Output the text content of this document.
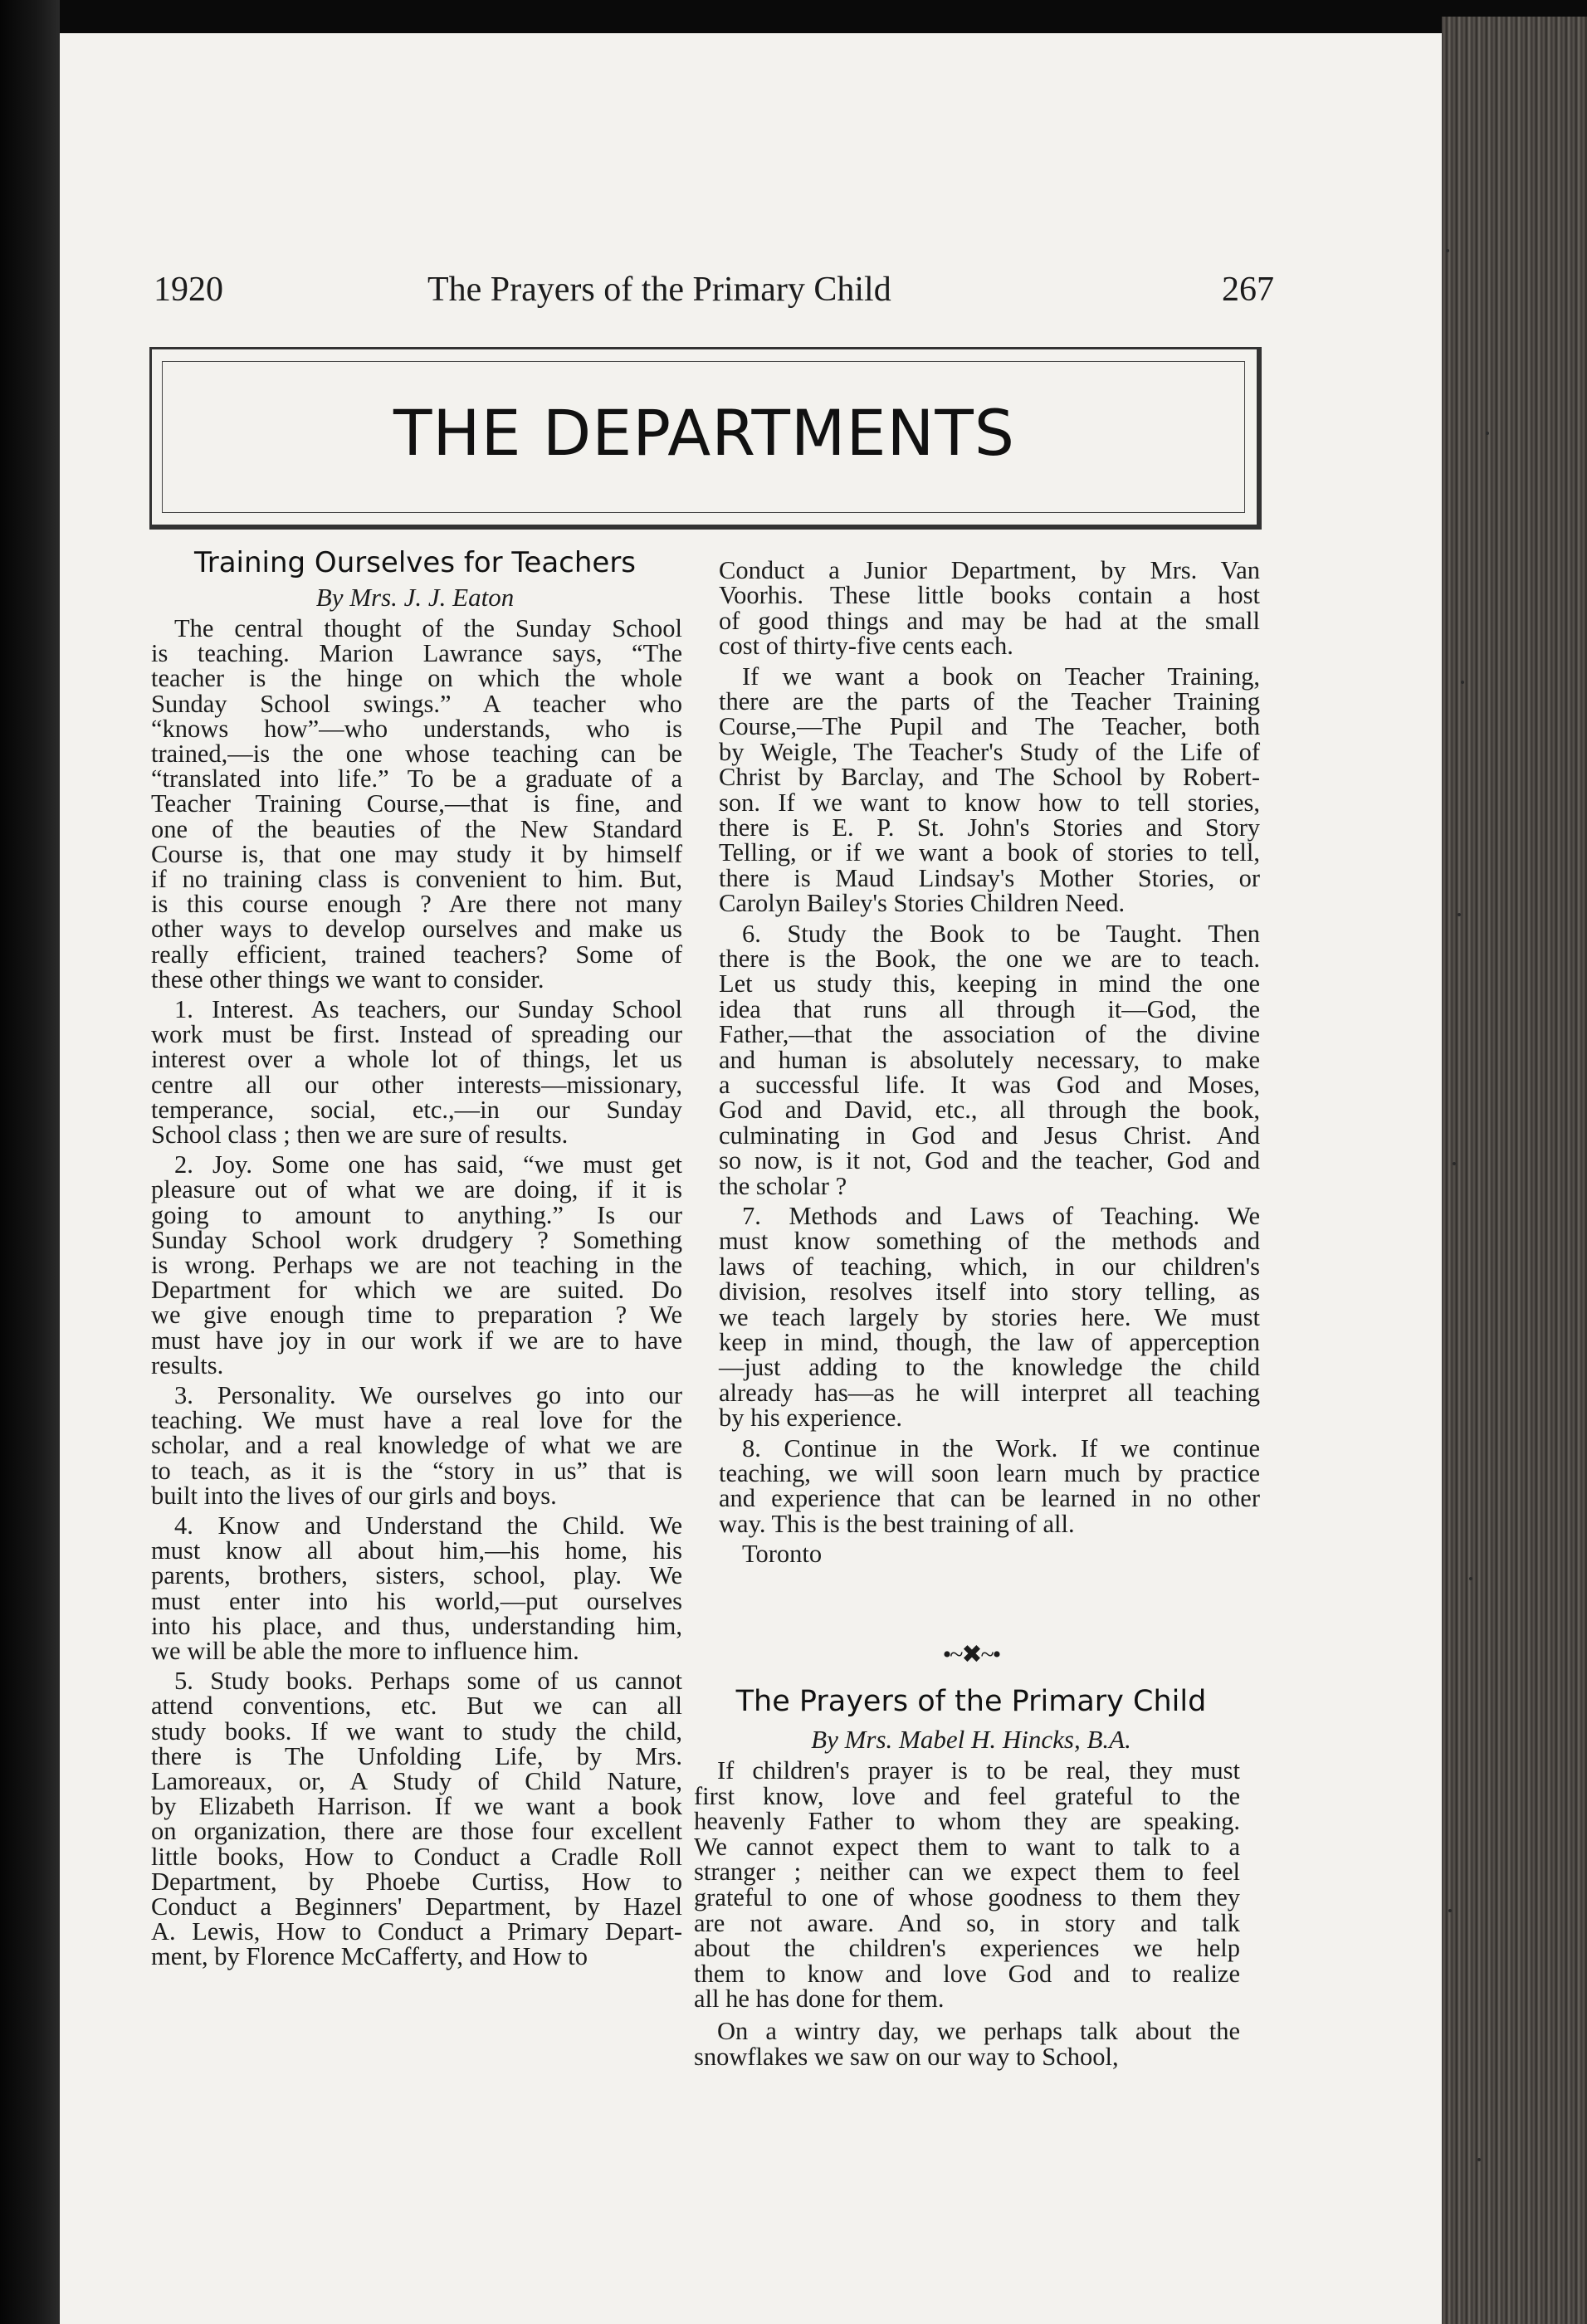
1920	The Prayers of the Primary Child	267
THE DEPARTMENTS
Training Ourselves for Teachers
By Mrs. J. J. Eaton
The central thought of the Sunday School
is teaching. Marion Lawrance says, “The
teacher is the hinge on which the whole
Sunday School swings.” A teacher who
“knows how”—who understands, who is
trained,—is the one whose teaching can be
“translated into life.” To be a graduate of a
Teacher Training Course,—that is fine, and
one of the beauties of the New Standard
Course is, that one may study it by himself
if no training class is convenient to him. But,
is this course enough ? Are there not many
other ways to develop ourselves and make us
really efficient, trained teachers? Some of
these other things we want to consider.
1. Interest. As teachers, our Sunday School
work must be first. Instead of spreading our
interest over a whole lot of things, let us
centre all our other interests—missionary,
temperance, social, etc.,—in our Sunday
School class ; then we are sure of results.
2. Joy. Some one has said, “we must get
pleasure out of what we are doing, if it is
going to amount to anything.” Is our
Sunday School work drudgery ? Something
is wrong. Perhaps we are not teaching in the
Department for which we are suited. Do
we give enough time to preparation ? We
must have joy in our work if we are to have
results.
3. Personality. We ourselves go into our
teaching. We must have a real love for the
scholar, and a real knowledge of what we are
to teach, as it is the “story in us” that is
built into the lives of our girls and boys.
4. Know and Understand the Child. We
must know all about him,—his home, his
parents, brothers, sisters, school, play. We
must enter into his world,—put ourselves
into his place, and thus, understanding him,
we will be able the more to influence him.
5. Study books. Perhaps some of us cannot
attend conventions, etc. But we can all
study books. If we want to study the child,
there is The Unfolding Life, by Mrs.
Lamoreaux, or, A Study of Child Nature,
by Elizabeth Harrison. If we want a book
on organization, there are those four excellent
little books, How to Conduct a Cradle Roll
Department, by Phoebe Curtiss, How to
Conduct a Beginners' Department, by Hazel
A. Lewis, How to Conduct a Primary Depart-
ment, by Florence McCafferty, and How to
Conduct a Junior Department, by Mrs. Van
Voorhis. These little books contain a host
of good things and may be had at the small
cost of thirty-five cents each.
If we want a book on Teacher Training,
there are the parts of the Teacher Training
Course,—The Pupil and The Teacher, both
by Weigle, The Teacher's Study of the Life of
Christ by Barclay, and The School by Robert-
son. If we want to know how to tell stories,
there is E. P. St. John's Stories and Story
Telling, or if we want a book of stories to tell,
there is Maud Lindsay's Mother Stories, or
Carolyn Bailey's Stories Children Need.
6. Study the Book to be Taught. Then
there is the Book, the one we are to teach.
Let us study this, keeping in mind the one
idea that runs all through it—God, the
Father,—that the association of the divine
and human is absolutely necessary, to make
a successful life. It was God and Moses,
God and David, etc., all through the book,
culminating in God and Jesus Christ. And
so now, is it not, God and the teacher, God and
the scholar ?
7. Methods and Laws of Teaching. We
must know something of the methods and
laws of teaching, which, in our children's
division, resolves itself into story telling, as
we teach largely by stories here. We must
keep in mind, though, the law of apperception
—just adding to the knowledge the child
already has—as he will interpret all teaching
by his experience.
8. Continue in the Work. If we continue
teaching, we will soon learn much by practice
and experience that can be learned in no other
way. This is the best training of all.
Toronto
•~✖~•
The Prayers of the Primary Child
By Mrs. Mabel H. Hincks, B.A.
If children's prayer is to be real, they must
first know, love and feel grateful to the
heavenly Father to whom they are speaking.
We cannot expect them to want to talk to a
stranger ; neither can we expect them to feel
grateful to one of whose goodness to them they
are not aware. And so, in story and talk
about the children's experiences we help
them to know and love God and to realize
all he has done for them.
On a wintry day, we perhaps talk about the
snowflakes we saw on our way to School,
